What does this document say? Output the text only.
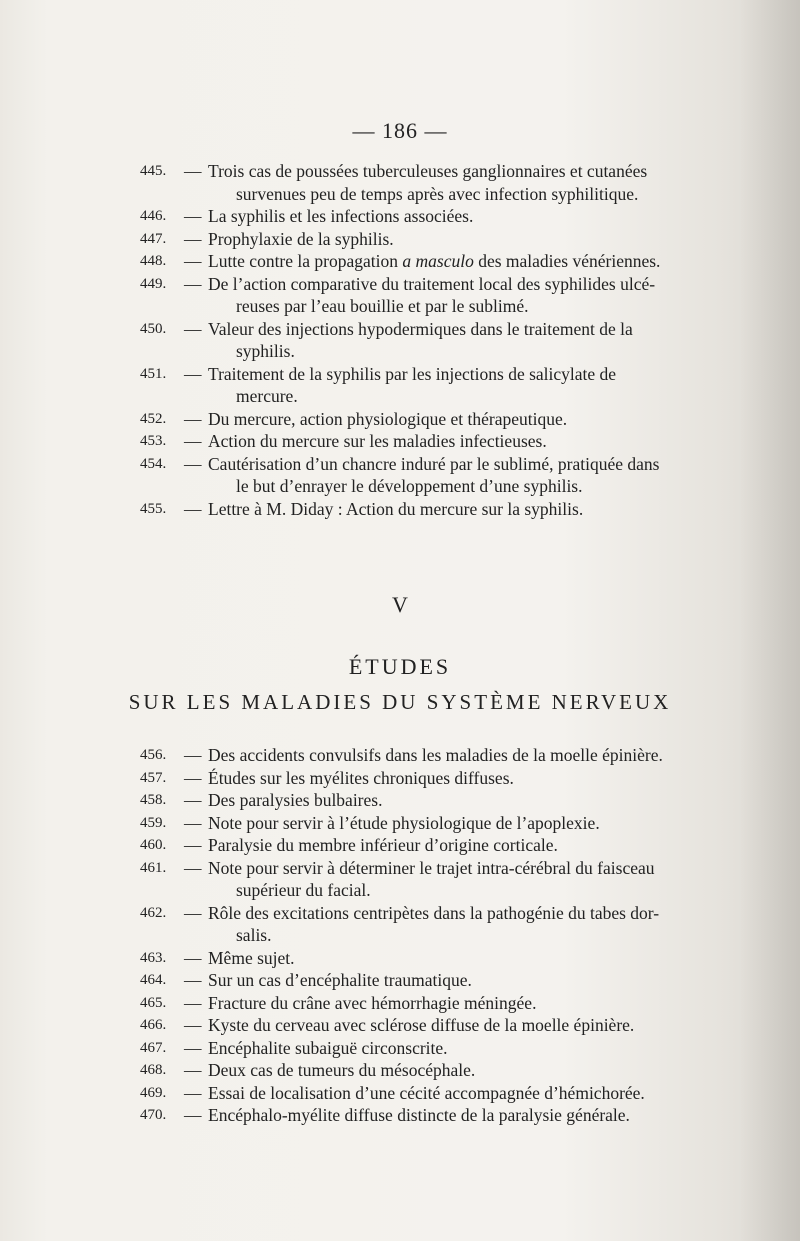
— 186 —
445.	— Trois cas de poussées tuberculeuses ganglionnaires et cutanées
survenues peu de temps après avec infection syphilitique.
446.	— La syphilis et les infections associées.
447.	— Prophylaxie de la syphilis.
448.	— Lutte contre la propagation a masculo des maladies vénériennes.
449.	— De l’action comparative du traitement local des syphilides ulcé-
reuses par l’eau bouillie et par le sublimé.
450.	— Valeur des injections hypodermiques dans le traitement de la
syphilis.
451.	— Traitement de la syphilis par les injections de salicylate de
mercure.
452.	— Du mercure, action physiologique et thérapeutique.
453.	— Action du mercure sur les maladies infectieuses.
454.	— Cautérisation d’un chancre induré par le sublimé, pratiquée dans
le but d’enrayer le développement d’une syphilis.
455.	— Lettre à M. Diday : Action du mercure sur la syphilis.
V
ÉTUDES
SUR LES MALADIES DU SYSTÈME NERVEUX
456.	— Des accidents convulsifs dans les maladies de la moelle épinière.
457.	— Études sur les myélites chroniques diffuses.
458.	— Des paralysies bulbaires.
459.	— Note pour servir à l’étude physiologique de l’apoplexie.
460.	— Paralysie du membre inférieur d’origine corticale.
461.	— Note pour servir à déterminer le trajet intra-cérébral du faisceau
supérieur du facial.
462.	— Rôle des excitations centripètes dans la pathogénie du tabes dor-
salis.
463.	— Même sujet.
464.	— Sur un cas d’encéphalite traumatique.
465.	— Fracture du crâne avec hémorrhagie méningée.
466.	— Kyste du cerveau avec sclérose diffuse de la moelle épinière.
467.	— Encéphalite subaiguë circonscrite.
468.	— Deux cas de tumeurs du mésocéphale.
469.	— Essai de localisation d’une cécité accompagnée d’hémichorée.
470.	— Encéphalo-myélite diffuse distincte de la paralysie générale.
